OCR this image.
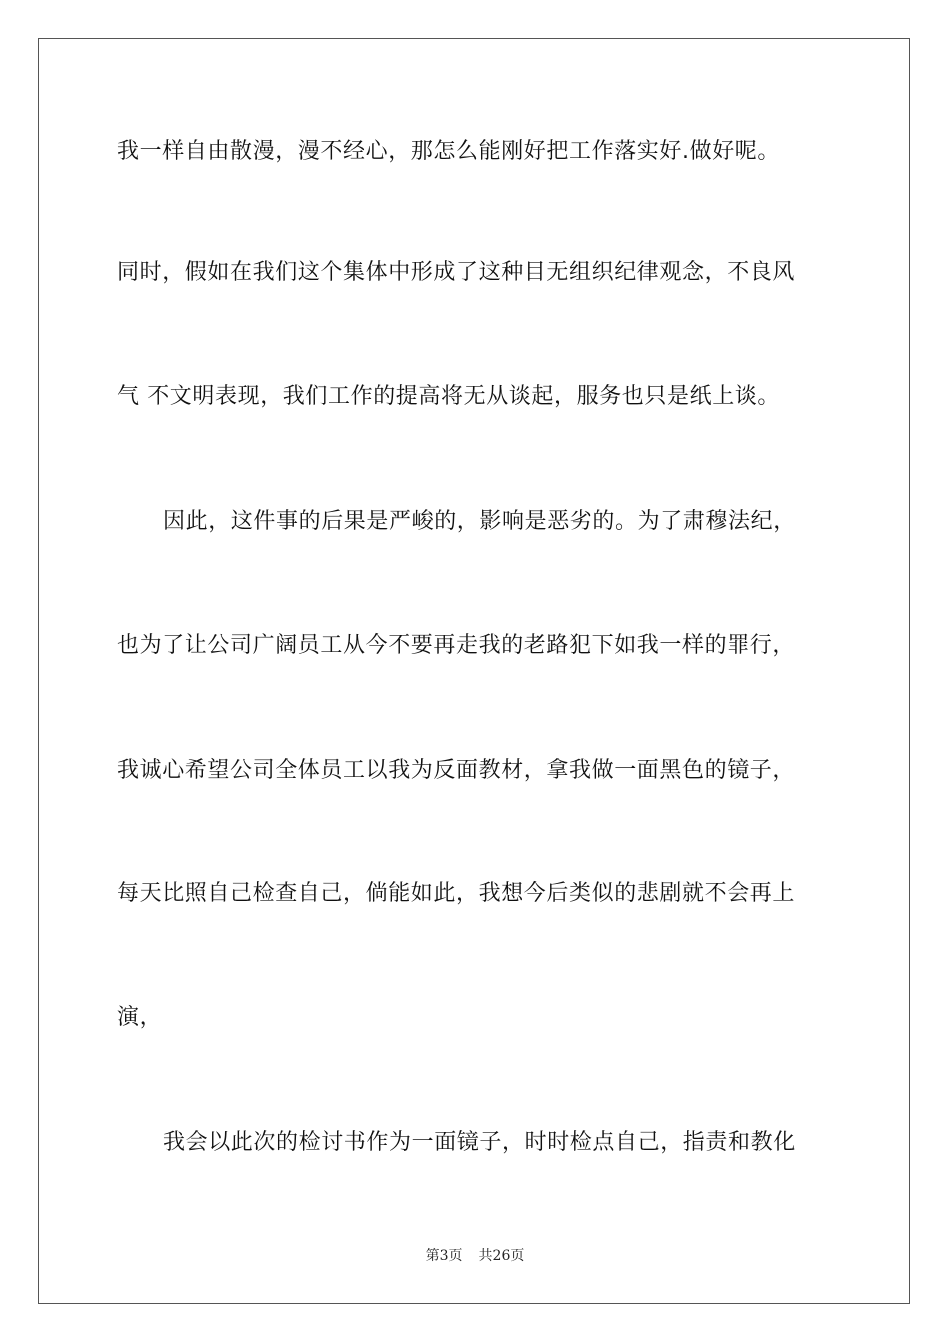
我一样自由散漫，漫不经心，那怎么能刚好把工作落实好.做好呢。
同时，假如在我们这个集体中形成了这种目无组织纪律观念，不良风
气 不文明表现，我们工作的提高将无从谈起，服务也只是纸上谈。
因此，这件事的后果是严峻的，影响是恶劣的。为了肃穆法纪，
也为了让公司广阔员工从今不要再走我的老路犯下如我一样的罪行，
我诚心希望公司全体员工以我为反面教材，拿我做一面黑色的镜子，
每天比照自己检查自己，倘能如此，我想今后类似的悲剧就不会再上
演，
我会以此次的检讨书作为一面镜子，时时检点自己，指责和教化
第3页 共26页
